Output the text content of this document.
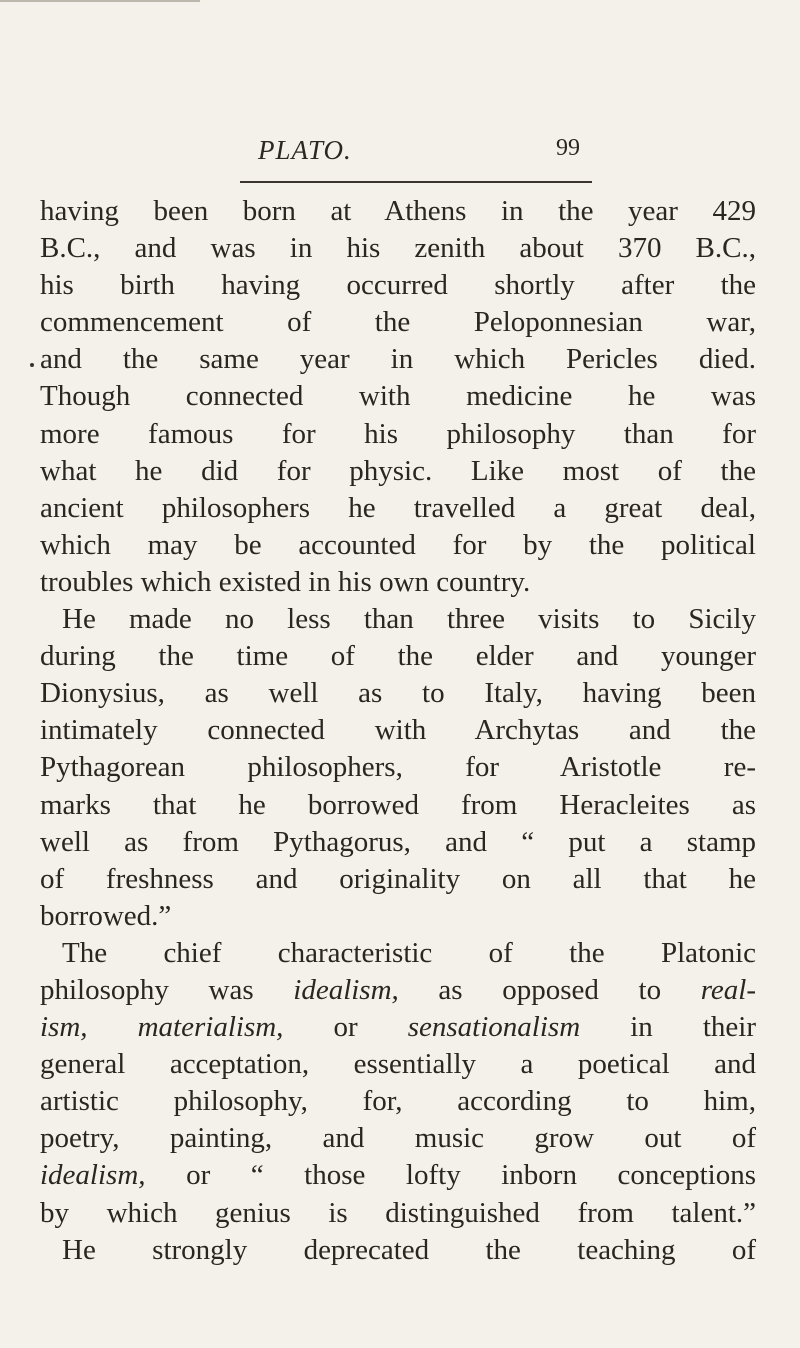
PLATO.	99
having been born at Athens in the year 429
B.C., and was in his zenith about 370 B.C.,
his birth having occurred shortly after the
commencement of the Peloponnesian war,
and the same year in which Pericles died.
Though connected with medicine he was
more famous for his philosophy than for
what he did for physic. Like most of the
ancient philosophers he travelled a great deal,
which may be accounted for by the political
troubles which existed in his own country.
He made no less than three visits to Sicily
during the time of the elder and younger
Dionysius, as well as to Italy, having been
intimately connected with Archytas and the
Pythagorean philosophers, for Aristotle re-
marks that he borrowed from Heracleites as
well as from Pythagorus, and “ put a stamp
of freshness and originality on all that he
borrowed.”
The chief characteristic of the Platonic
philosophy was idealism, as opposed to real-
ism, materialism, or sensationalism in their
general acceptation, essentially a poetical and
artistic philosophy, for, according to him,
poetry, painting, and music grow out of
idealism, or “ those lofty inborn conceptions
by which genius is distinguished from talent.”
He strongly deprecated the teaching of
